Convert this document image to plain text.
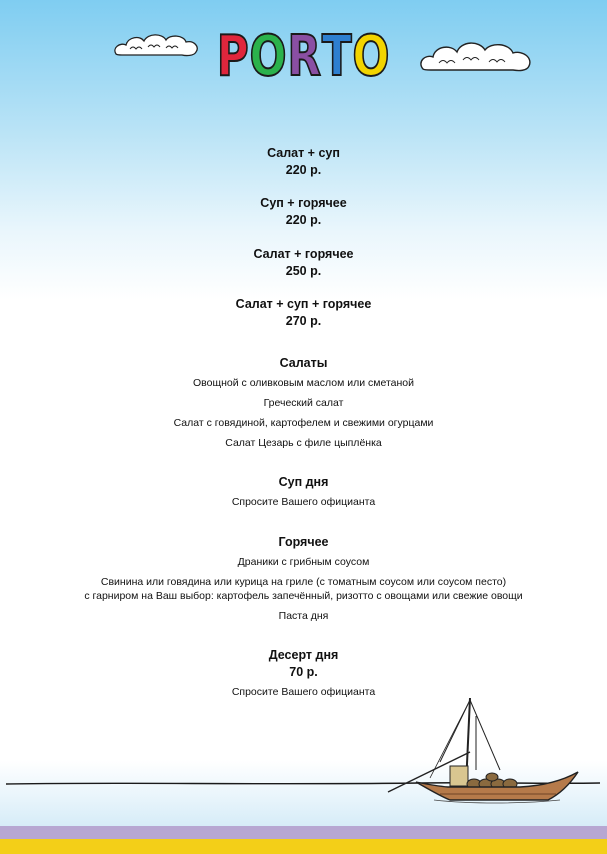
PORTO
Салат + суп
220 р.
Суп + горячее
220 р.
Салат + горячее
250 р.
Салат + суп + горячее
270 р.
Салаты
Овощной с оливковым маслом или сметаной
Греческий салат
Салат с говядиной, картофелем и свежими огурцами
Салат Цезарь с филе цыплёнка
Суп дня
Спросите Вашего официанта
Горячее
Драники с грибным соусом
Свинина или говядина или курица на гриле (с томатным соусом или соусом песто)
с гарниром на Ваш выбор: картофель запечённый, ризотто с овощами или свежие овощи
Паста дня
Десерт дня
70 р.
Спросите Вашего официанта
